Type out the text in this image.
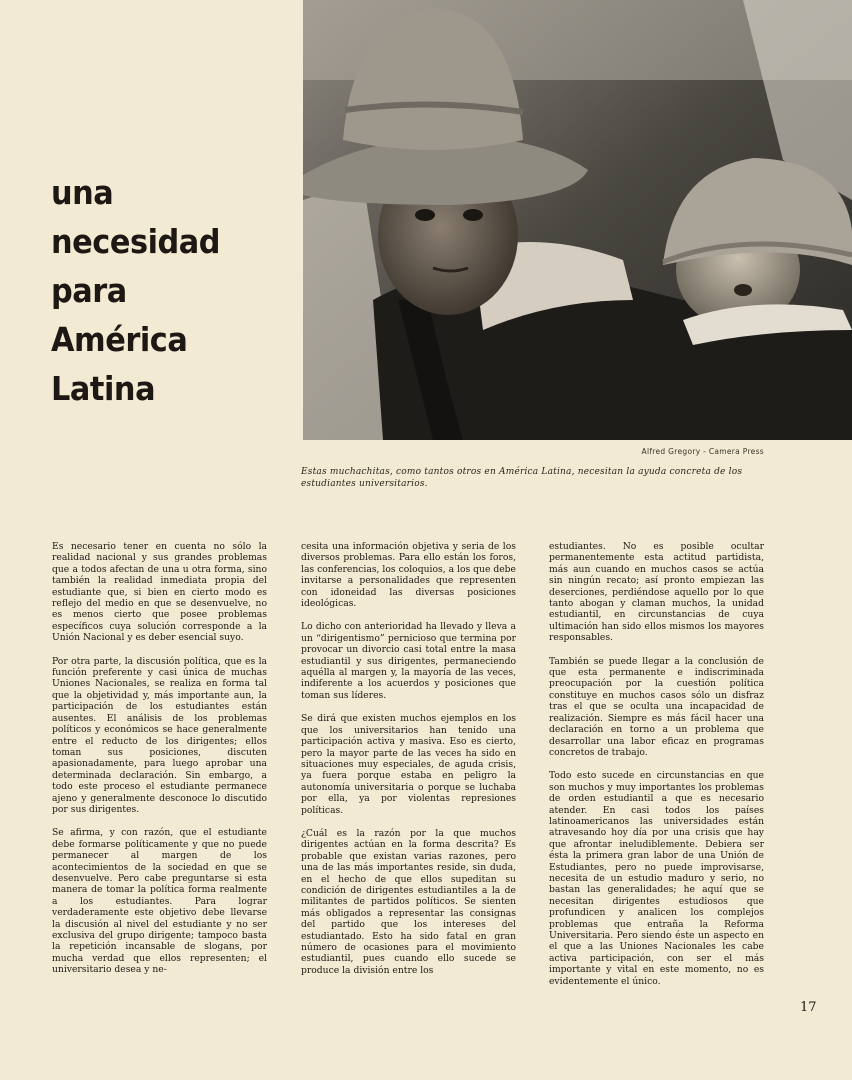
una
necesidad
para
América
Latina
Alfred Gregory - Camera Press
Estas muchachitas, como tantos otros en América Latina, necesitan la ayuda concreta de los estudiantes universitarios.

Es necesario tener en cuenta no sólo la realidad nacional y sus grandes problemas que a todos afectan de una u otra forma, sino también la realidad inmediata propia del estudiante que, si bien en cierto modo es reflejo del medio en que se desenvuelve, no es menos cierto que posee problemas específicos cuya solución corresponde a la Unión Nacional y es deber esencial suyo.

Por otra parte, la discusión política, que es la función preferente y casi única de muchas Uniones Nacionales, se realiza en forma tal que la objetividad y, más importante aun, la participación de los estudiantes están ausentes. El análisis de los problemas políticos y económicos se hace generalmente entre el reducto de los dirigentes; ellos toman sus posiciones, discuten apasionadamente, para luego aprobar una determinada declaración. Sin embargo, a todo este proceso el estudiante permanece ajeno y generalmente desconoce lo discutido por sus dirigentes.

Se afirma, y con razón, que el estudiante debe formarse políticamente y que no puede permanecer al margen de los acontecimientos de la sociedad en que se desenvuelve. Pero cabe preguntarse si esta manera de tomar la política forma realmente a los estudiantes. Para lograr verdaderamente este objetivo debe llevarse la discusión al nivel del estudiante y no ser exclusiva del grupo dirigente; tampoco basta la repetición incansable de slogans, por mucha verdad que ellos representen; el universitario desea y ne-

cesita una información objetiva y seria de los diversos problemas. Para ello están los foros, las conferencias, los coloquios, a los que debe invitarse a personalidades que representen con idoneidad las diversas posiciones ideológicas.

Lo dicho con anterioridad ha llevado y lleva a un “dirigentismo” pernicioso que termina por provocar un divorcio casi total entre la masa estudiantil y sus dirigentes, permaneciendo aquélla al margen y, la mayoría de las veces, indiferente a los acuerdos y posiciones que toman sus líderes.

Se dirá que existen muchos ejemplos en los que los universitarios han tenido una participación activa y masiva. Eso es cierto, pero la mayor parte de las veces ha sido en situaciones muy especiales, de aguda crisis, ya fuera porque estaba en peligro la autonomía universitaria o porque se luchaba por ella, ya por violentas represiones políticas.

¿Cuál es la razón por la que muchos dirigentes actúan en la forma descrita? Es probable que existan varias razones, pero una de las más importantes reside, sin duda, en el hecho de que ellos supeditan su condición de dirigentes estudiantiles a la de militantes de partidos políticos. Se sienten más obligados a representar las consignas del partido que los intereses del estudiantado. Esto ha sido fatal en gran número de ocasiones para el movimiento estudiantil, pues cuando ello sucede se produce la división entre los

estudiantes. No es posible ocultar permanentemente esta actitud partidista, más aun cuando en muchos casos se actúa sin ningún recato; así pronto empiezan las deserciones, perdiéndose aquello por lo que tanto abogan y claman muchos, la unidad estudiantil, en circunstancias de cuya ultimación han sido ellos mismos los mayores responsables.

También se puede llegar a la conclusión de que esta permanente e indiscriminada preocupación por la cuestión política constituye en muchos casos sólo un disfraz tras el que se oculta una incapacidad de realización. Siempre es más fácil hacer una declaración en torno a un problema que desarrollar una labor eficaz en programas concretos de trabajo.

Todo esto sucede en circunstancias en que son muchos y muy importantes los problemas de orden estudiantil a que es necesario atender. En casi todos los países latinoamericanos las universidades están atravesando hoy día por una crisis que hay que afrontar ineludiblemente. Debiera ser ésta la primera gran labor de una Unión de Estudiantes, pero no puede improvisarse, necesita de un estudio maduro y serio, no bastan las generalidades; he aquí que se necesitan dirigentes estudiosos que profundicen y analicen los complejos problemas que entraña la Reforma Universitaria. Pero siendo éste un aspecto en el que a las Uniones Nacionales les cabe activa participación, con ser el más importante y vital en este momento, no es evidentemente el único.

17
